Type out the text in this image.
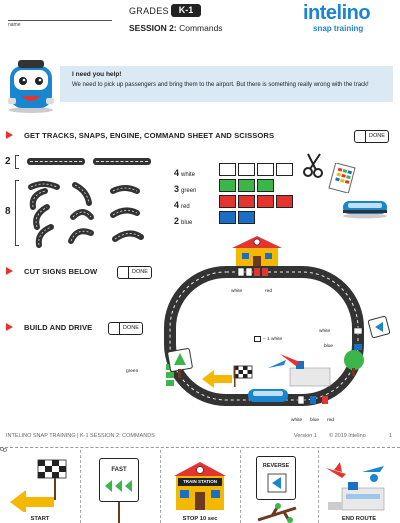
name
GRADES	K-1
SESSION 2: Commands
intelino
snap training
I need you help!
We need to pick up passengers and bring them to the airport. But there is something really wrong with the track!
GET TRACKS, SNAPS, ENGINE, COMMAND SHEET AND SCISSORS	DONE
2
8
4 white
3 green
4 red
2 blue
CUT SIGNS BELOW	DONE
BUILD AND DRIVE	DONE
white	red
– 1 white
white
blue
green
white blue red
INTELINO SNAP TRAINING | K-1 SESSION 2: COMMANDS	Version 1 © 2019 intelino	1
START
FAST
TRAIN STATION
STOP 10 sec
REVERSE
END ROUTE
